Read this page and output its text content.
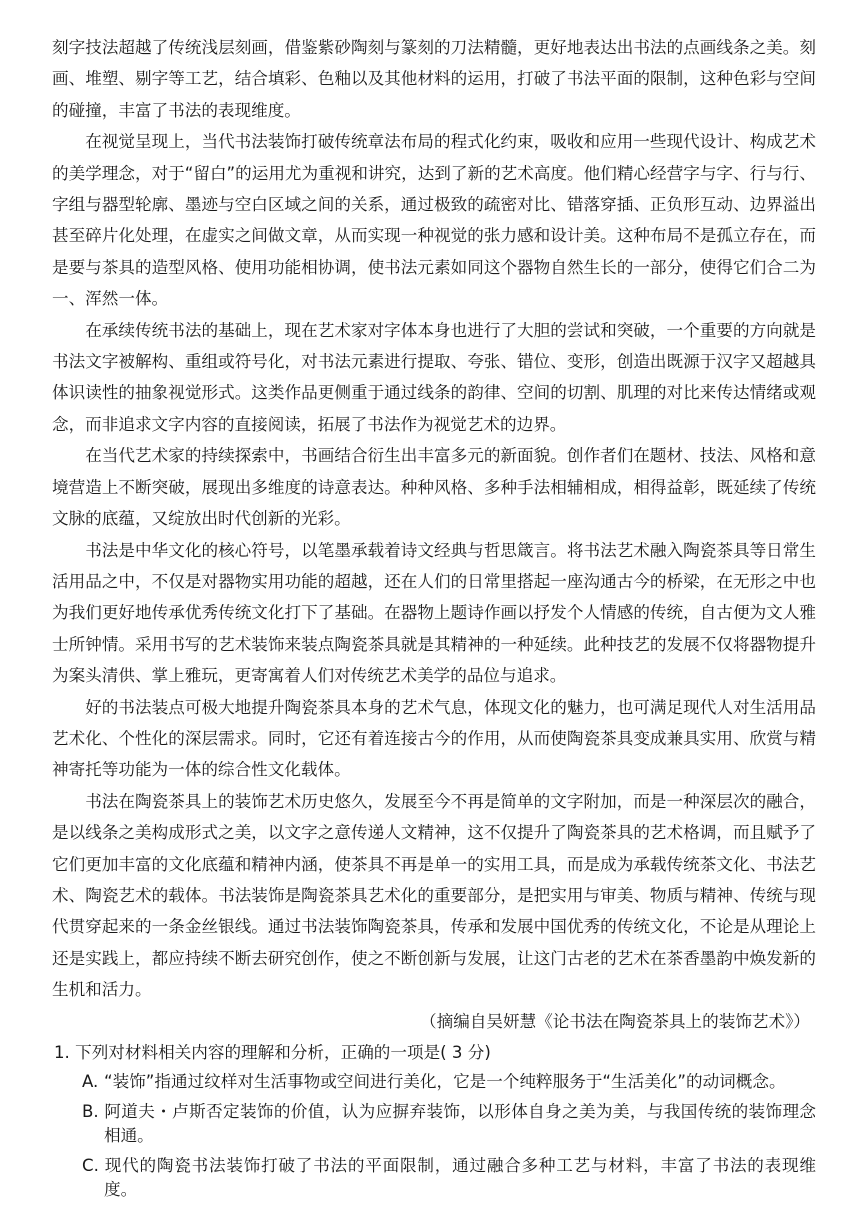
刻字技法超越了传统浅层刻画，借鉴紫砂陶刻与篆刻的刀法精髓，更好地表达出书法的点画线条之美。刻画、堆塑、剔字等工艺，结合填彩、色釉以及其他材料的运用，打破了书法平面的限制，这种色彩与空间的碰撞，丰富了书法的表现维度。

在视觉呈现上，当代书法装饰打破传统章法布局的程式化约束，吸收和应用一些现代设计、构成艺术的美学理念，对于“留白”的运用尤为重视和讲究，达到了新的艺术高度。他们精心经营字与字、行与行、字组与器型轮廓、墨迹与空白区域之间的关系，通过极致的疏密对比、错落穿插、正负形互动、边界溢出甚至碎片化处理，在虚实之间做文章，从而实现一种视觉的张力感和设计美。这种布局不是孤立存在，而是要与茶具的造型风格、使用功能相协调，使书法元素如同这个器物自然生长的一部分，使得它们合二为一、浑然一体。

在承续传统书法的基础上，现在艺术家对字体本身也进行了大胆的尝试和突破，一个重要的方向就是书法文字被解构、重组或符号化，对书法元素进行提取、夸张、错位、变形，创造出既源于汉字又超越具体识读性的抽象视觉形式。这类作品更侧重于通过线条的韵律、空间的切割、肌理的对比来传达情绪或观念，而非追求文字内容的直接阅读，拓展了书法作为视觉艺术的边界。

在当代艺术家的持续探索中，书画结合衍生出丰富多元的新面貌。创作者们在题材、技法、风格和意境营造上不断突破，展现出多维度的诗意表达。种种风格、多种手法相辅相成，相得益彰，既延续了传统文脉的底蕴，又绽放出时代创新的光彩。

书法是中华文化的核心符号，以笔墨承载着诗文经典与哲思箴言。将书法艺术融入陶瓷茶具等日常生活用品之中，不仅是对器物实用功能的超越，还在人们的日常里搭起一座沟通古今的桥梁，在无形之中也为我们更好地传承优秀传统文化打下了基础。在器物上题诗作画以抒发个人情感的传统，自古便为文人雅士所钟情。采用书写的艺术装饰来装点陶瓷茶具就是其精神的一种延续。此种技艺的发展不仅将器物提升为案头清供、掌上雅玩，更寄寓着人们对传统艺术美学的品位与追求。

好的书法装点可极大地提升陶瓷茶具本身的艺术气息，体现文化的魅力，也可满足现代人对生活用品艺术化、个性化的深层需求。同时，它还有着连接古今的作用，从而使陶瓷茶具变成兼具实用、欣赏与精神寄托等功能为一体的综合性文化载体。

书法在陶瓷茶具上的装饰艺术历史悠久，发展至今不再是简单的文字附加，而是一种深层次的融合，是以线条之美构成形式之美，以文字之意传递人文精神，这不仅提升了陶瓷茶具的艺术格调，而且赋予了它们更加丰富的文化底蕴和精神内涵，使茶具不再是单一的实用工具，而是成为承载传统茶文化、书法艺术、陶瓷艺术的载体。书法装饰是陶瓷茶具艺术化的重要部分，是把实用与审美、物质与精神、传统与现代贯穿起来的一条金丝银线。通过书法装饰陶瓷茶具，传承和发展中国优秀的传统文化，不论是从理论上还是实践上，都应持续不断去研究创作，使之不断创新与发展，让这门古老的艺术在茶香墨韵中焕发新的生机和活力。

（摘编自吴妍慧《论书法在陶瓷茶具上的装饰艺术》）

1. 下列对材料相关内容的理解和分析，正确的一项是( 3 分)

A. “装饰”指通过纹样对生活事物或空间进行美化，它是一个纯粹服务于“生活美化”的动词概念。

B. 阿道夫・卢斯否定装饰的价值，认为应摒弃装饰，以形体自身之美为美，与我国传统的装饰理念相通。

C. 现代的陶瓷书法装饰打破了书法的平面限制，通过融合多种工艺与材料，丰富了书法的表现维度。
